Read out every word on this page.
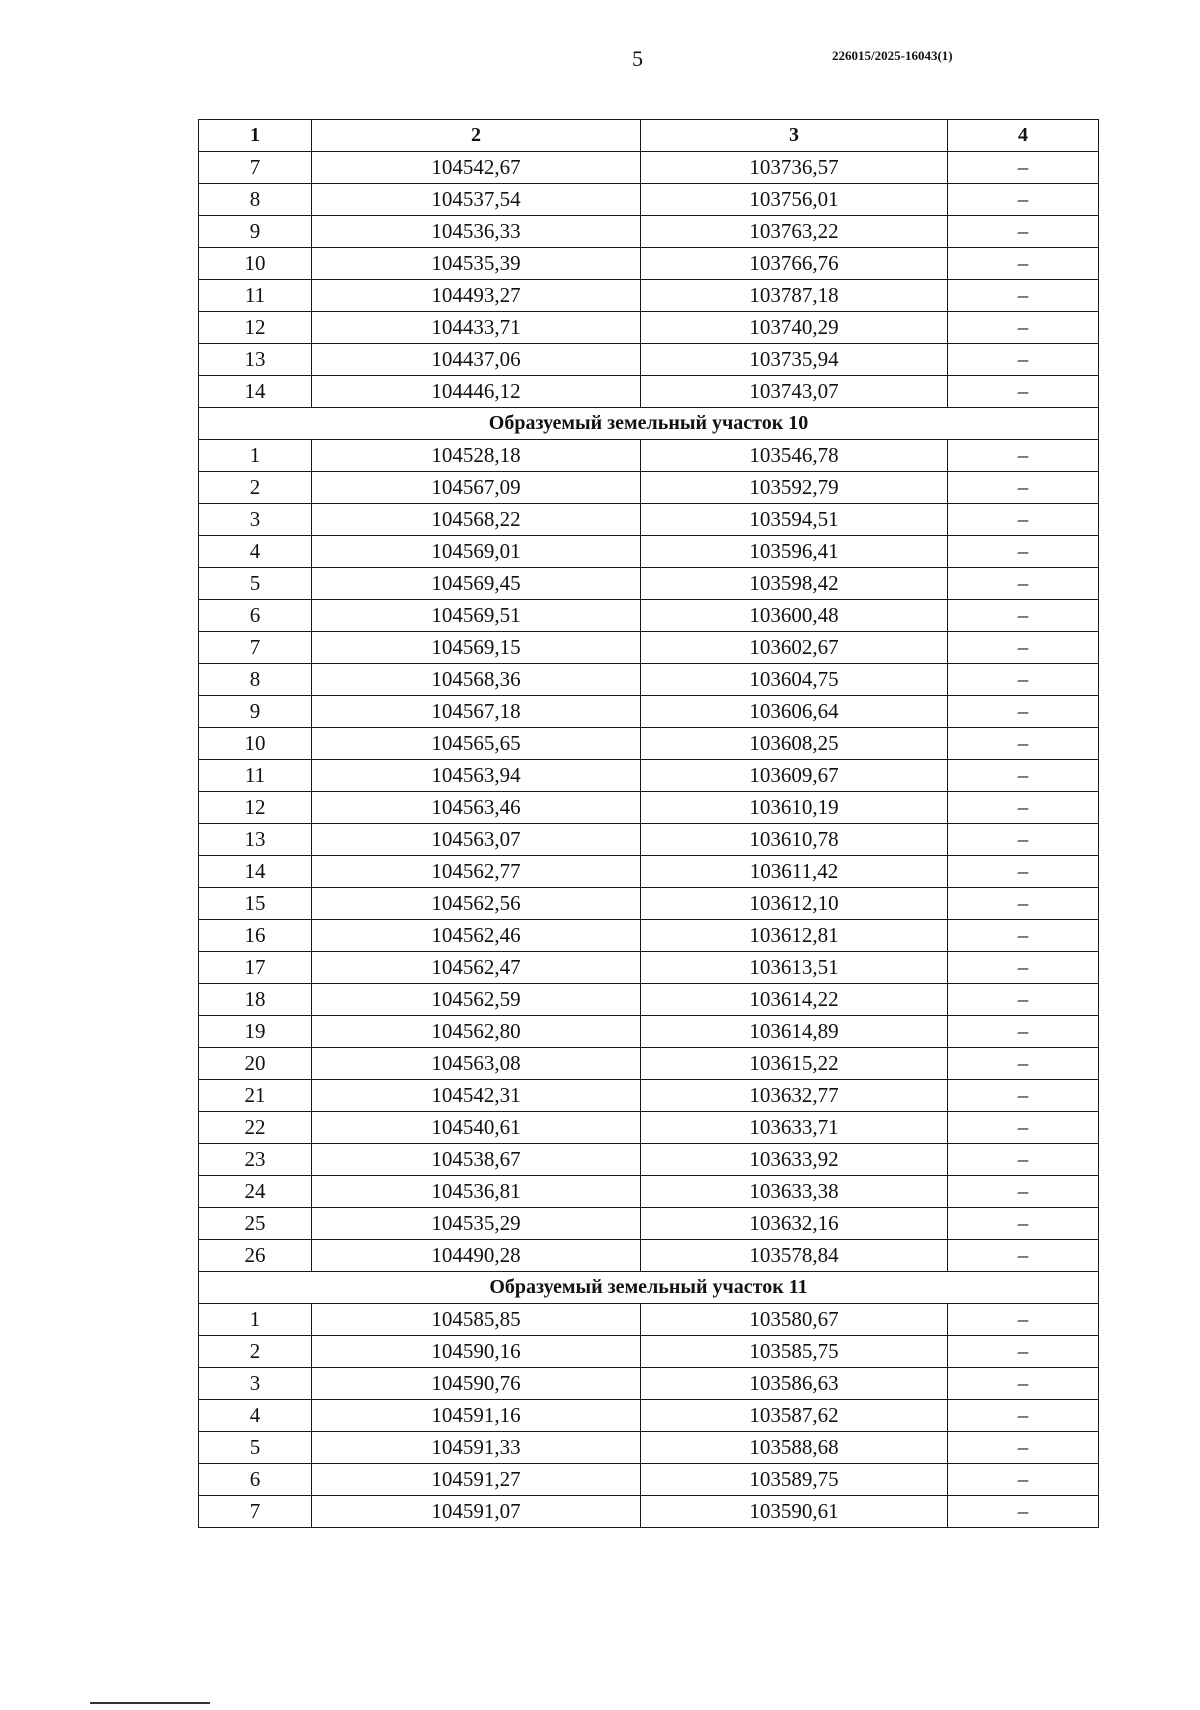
5	226015/2025-16043(1)
1	2	3	4
7	104542,67	103736,57	–
8	104537,54	103756,01	–
9	104536,33	103763,22	–
10	104535,39	103766,76	–
11	104493,27	103787,18	–
12	104433,71	103740,29	–
13	104437,06	103735,94	–
14	104446,12	103743,07	–
Образуемый земельный участок 10			
1	104528,18	103546,78	–
2	104567,09	103592,79	–
3	104568,22	103594,51	–
4	104569,01	103596,41	–
5	104569,45	103598,42	–
6	104569,51	103600,48	–
7	104569,15	103602,67	–
8	104568,36	103604,75	–
9	104567,18	103606,64	–
10	104565,65	103608,25	–
11	104563,94	103609,67	–
12	104563,46	103610,19	–
13	104563,07	103610,78	–
14	104562,77	103611,42	–
15	104562,56	103612,10	–
16	104562,46	103612,81	–
17	104562,47	103613,51	–
18	104562,59	103614,22	–
19	104562,80	103614,89	–
20	104563,08	103615,22	–
21	104542,31	103632,77	–
22	104540,61	103633,71	–
23	104538,67	103633,92	–
24	104536,81	103633,38	–
25	104535,29	103632,16	–
26	104490,28	103578,84	–
Образуемый земельный участок 11			
1	104585,85	103580,67	–
2	104590,16	103585,75	–
3	104590,76	103586,63	–
4	104591,16	103587,62	–
5	104591,33	103588,68	–
6	104591,27	103589,75	–
7	104591,07	103590,61	–
